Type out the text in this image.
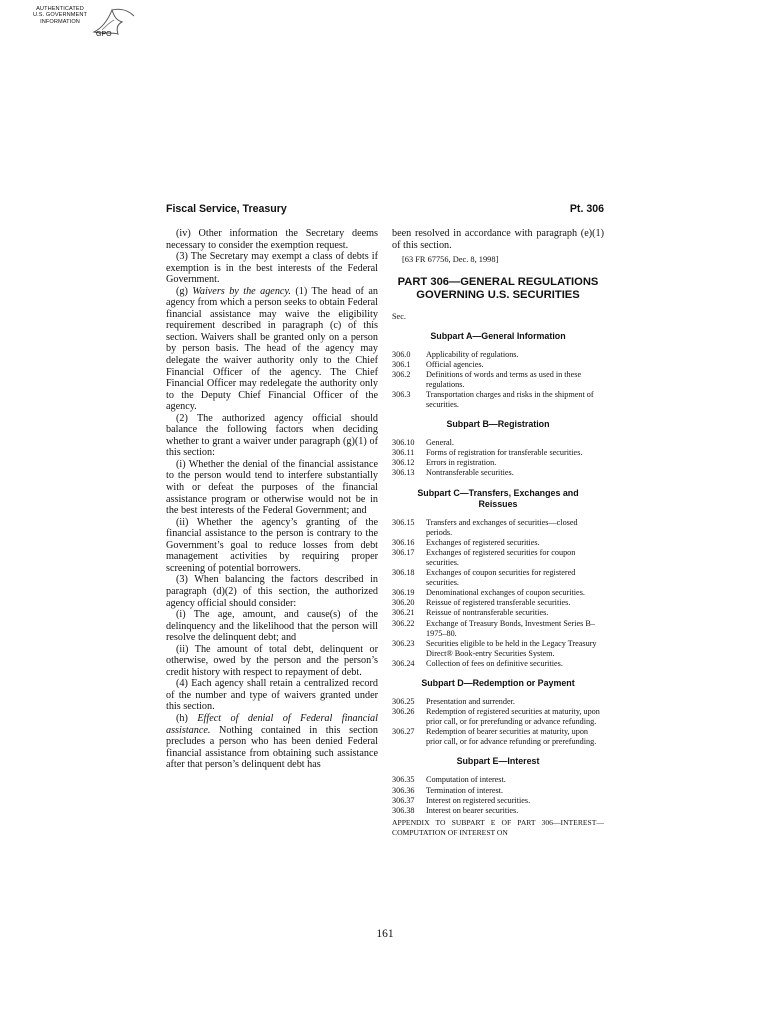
AUTHENTICATED
U.S. GOVERNMENT
INFORMATION
GPO
Fiscal Service, Treasury	Pt. 306

(iv) Other information the Secretary deems necessary to consider the exemption request.

(3) The Secretary may exempt a class of debts if exemption is in the best interests of the Federal Government.

(g) Waivers by the agency. (1) The head of an agency from which a person seeks to obtain Federal financial assistance may waive the eligibility requirement described in paragraph (c) of this section. Waivers shall be granted only on a person by person basis. The head of the agency may delegate the waiver authority only to the Chief Financial Officer of the agency. The Chief Financial Officer may redelegate the authority only to the Deputy Chief Financial Officer of the agency.

(2) The authorized agency official should balance the following factors when deciding whether to grant a waiver under paragraph (g)(1) of this section:

(i) Whether the denial of the financial assistance to the person would tend to interfere substantially with or defeat the purposes of the financial assistance program or otherwise would not be in the best interests of the Federal Government; and

(ii) Whether the agency’s granting of the financial assistance to the person is contrary to the Government’s goal to reduce losses from debt management activities by requiring proper screening of potential borrowers.

(3) When balancing the factors described in paragraph (d)(2) of this section, the authorized agency official should consider:

(i) The age, amount, and cause(s) of the delinquency and the likelihood that the person will resolve the delinquent debt; and

(ii) The amount of total debt, delinquent or otherwise, owed by the person and the person’s credit history with respect to repayment of debt.

(4) Each agency shall retain a centralized record of the number and type of waivers granted under this section.

(h) Effect of denial of Federal financial assistance. Nothing contained in this section precludes a person who has been denied Federal financial assistance from obtaining such assistance after that person’s delinquent debt has

been resolved in accordance with paragraph (e)(1) of this section.

[63 FR 67756, Dec. 8, 1998]

PART 306—GENERAL REGULATIONS GOVERNING U.S. SECURITIES
Sec.
Subpart A—General Information
306.0 Applicability of regulations.
306.1 Official agencies.
306.2 Definitions of words and terms as used in these regulations.
306.3 Transportation charges and risks in the shipment of securities.
Subpart B—Registration
306.10 General.
306.11 Forms of registration for transferable securities.
306.12 Errors in registration.
306.13 Nontransferable securities.
Subpart C—Transfers, Exchanges and Reissues
306.15 Transfers and exchanges of securities—closed periods.
306.16 Exchanges of registered securities.
306.17 Exchanges of registered securities for coupon securities.
306.18 Exchanges of coupon securities for registered securities.
306.19 Denominational exchanges of coupon securities.
306.20 Reissue of registered transferable securities.
306.21 Reissue of nontransferable securities.
306.22 Exchange of Treasury Bonds, Investment Series B–1975–80.
306.23 Securities eligible to be held in the Legacy Treasury Direct® Book-entry Securities System.
306.24 Collection of fees on definitive securities.
Subpart D—Redemption or Payment
306.25 Presentation and surrender.
306.26 Redemption of registered securities at maturity, upon prior call, or for prerefunding or advance refunding.
306.27 Redemption of bearer securities at maturity, upon prior call, or for advance refunding or prerefunding.
Subpart E—Interest
306.35 Computation of interest.
306.36 Termination of interest.
306.37 Interest on registered securities.
306.38 Interest on bearer securities.
APPENDIX TO SUBPART E OF PART 306—INTEREST—COMPUTATION OF INTEREST ON
161
